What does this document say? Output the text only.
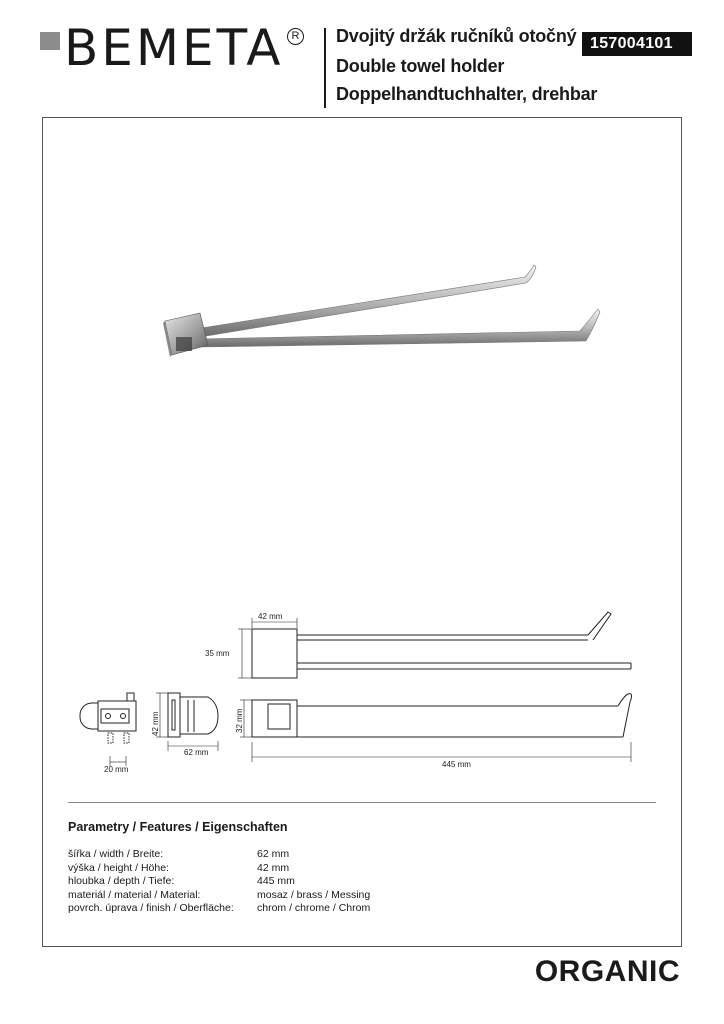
BEMETA R Dvojitý držák ručníků otočný
Double towel holder
Doppelhandtuchhalter, drehbar
157004101
42 mm
35 mm
42 mm
62 mm
20 mm
32 mm
445 mm
Parametry / Features / Eigenschaften
šířka / width / Breite:	62 mm
výška / height / Höhe:	42 mm
hloubka / depth / Tiefe:	445 mm
materiál / material / Material:	mosaz / brass / Messing
povrch. úprava / finish / Oberfläche:	chrom / chrome / Chrom
ORGANIC
